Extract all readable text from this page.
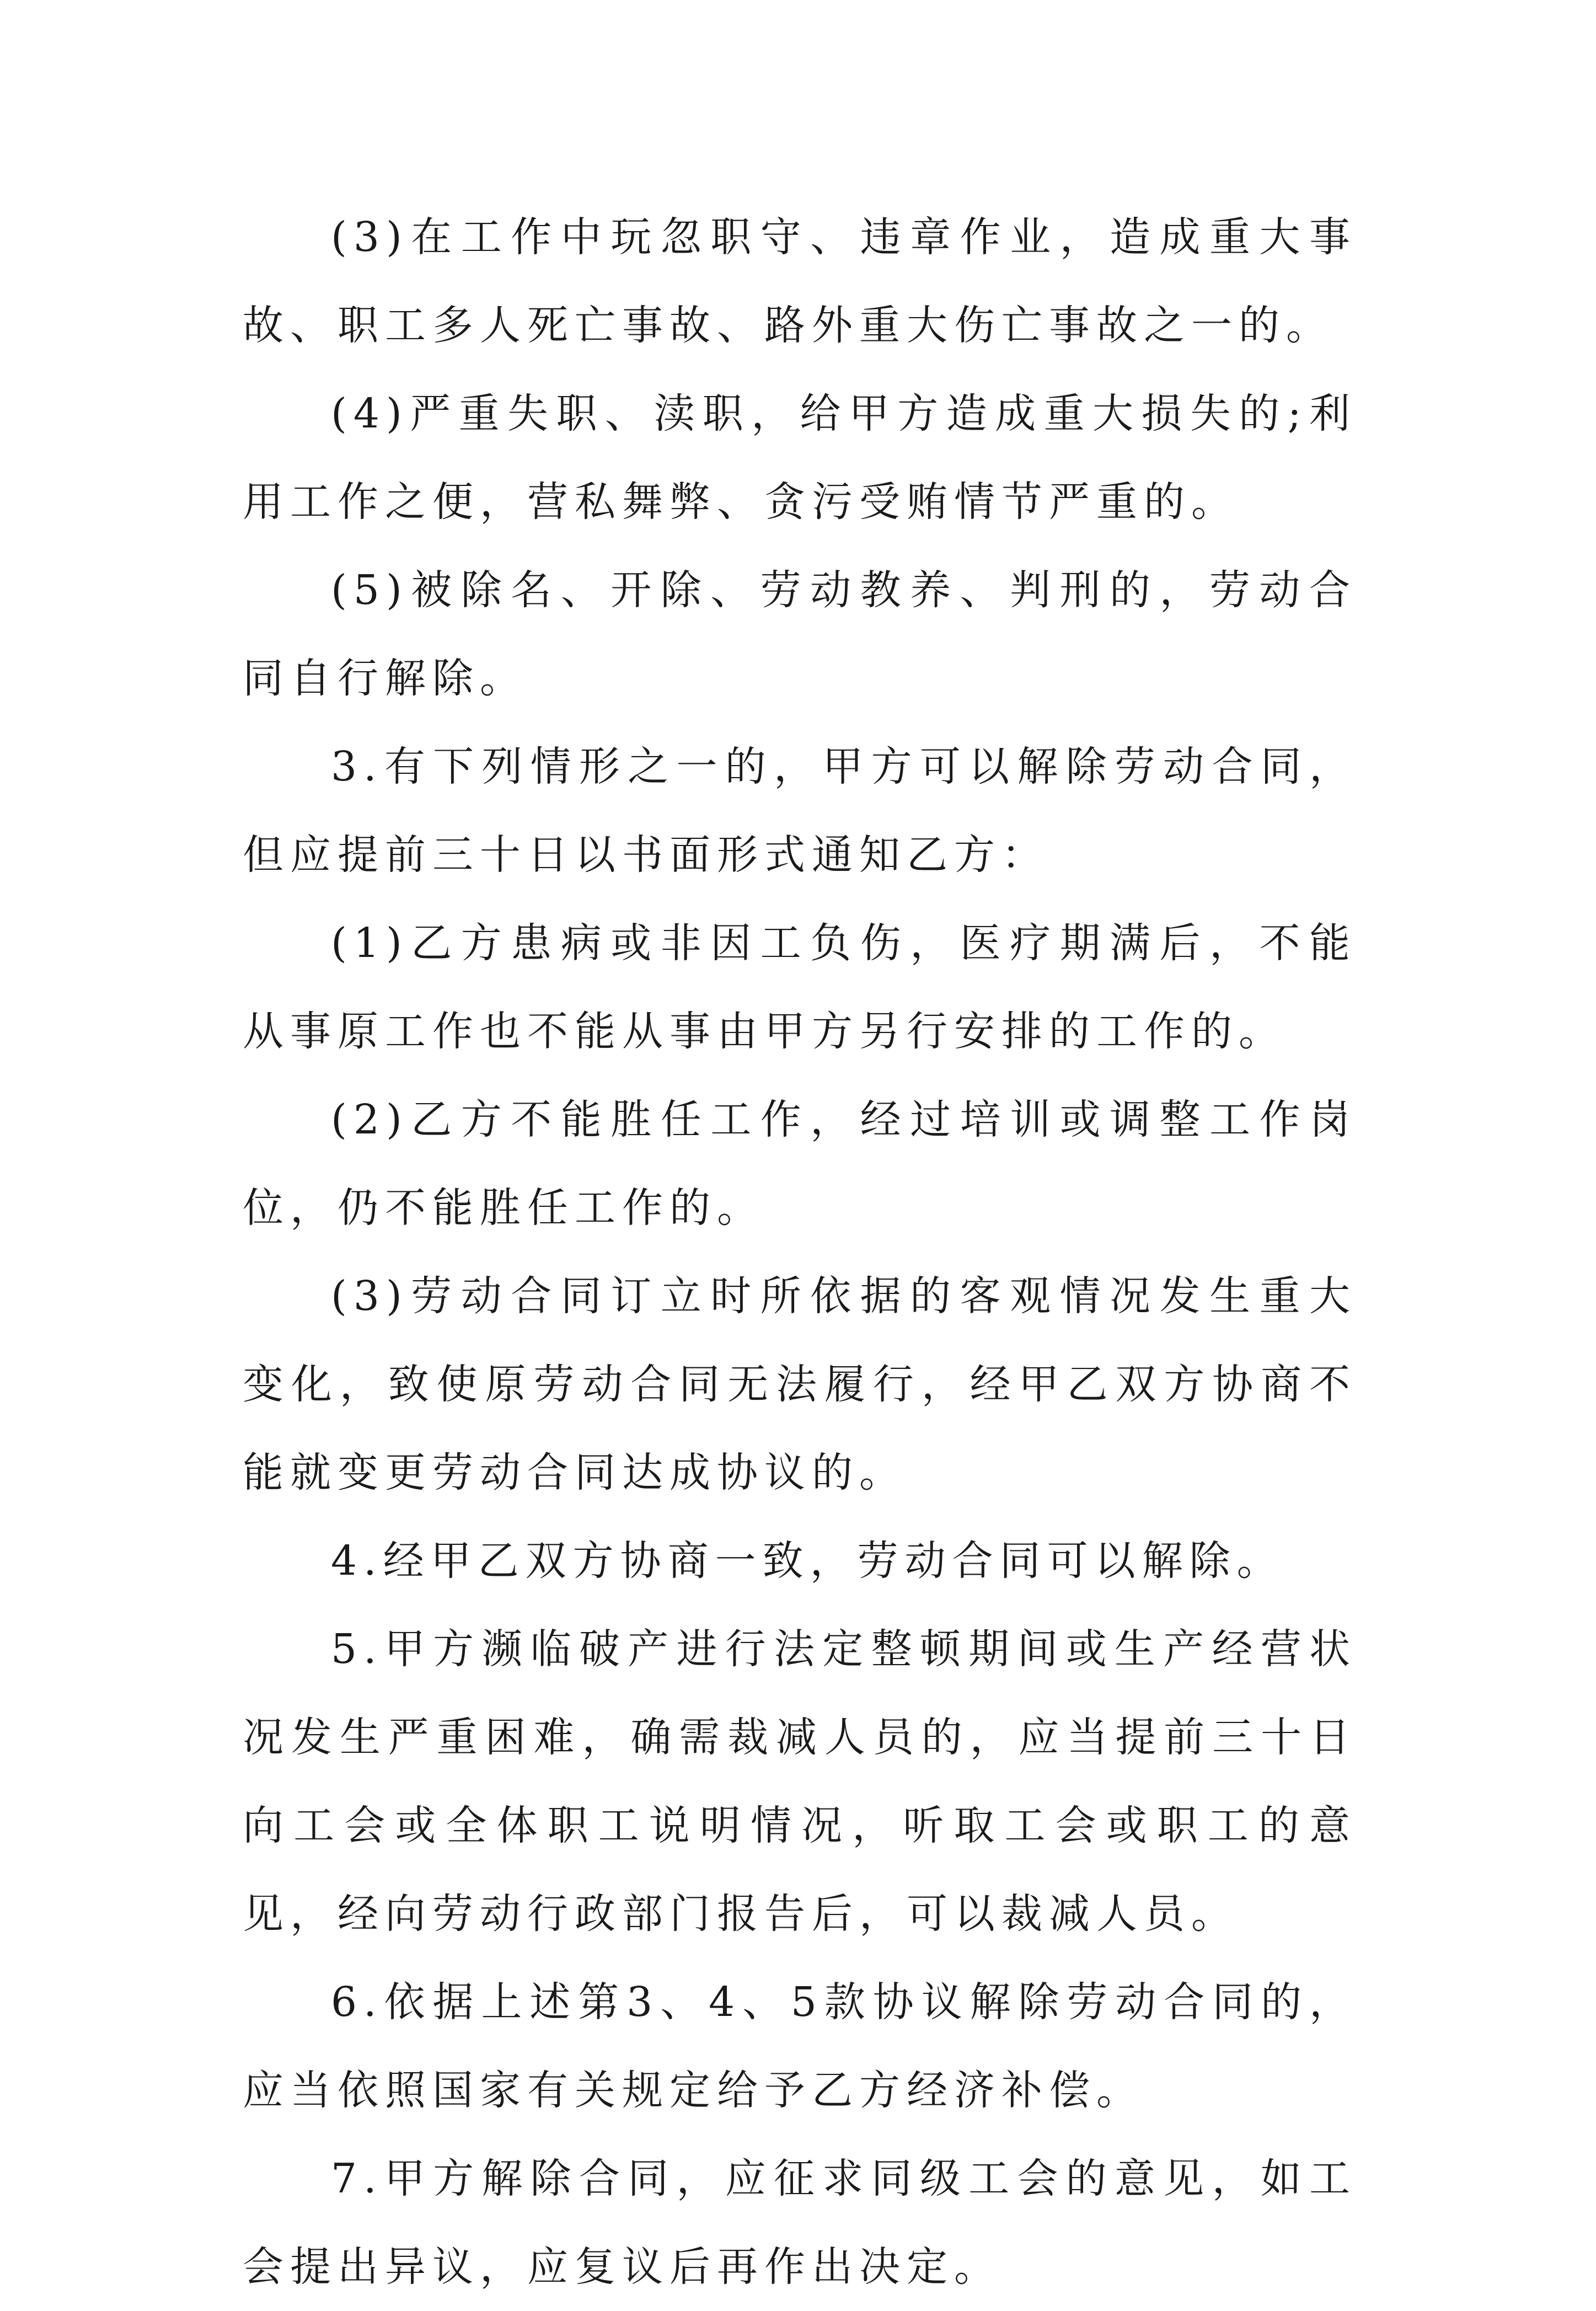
(3)在工作中玩忽职守、违章作业，造成重大事故、职工多人死亡事故、路外重大伤亡事故之一的。

(4)严重失职、渎职，给甲方造成重大损失的;利用工作之便，营私舞弊、贪污受贿情节严重的。

(5)被除名、开除、劳动教养、判刑的，劳动合同自行解除。

3.有下列情形之一的，甲方可以解除劳动合同，但应提前三十日以书面形式通知乙方：

(1)乙方患病或非因工负伤，医疗期满后，不能从事原工作也不能从事由甲方另行安排的工作的。

(2)乙方不能胜任工作，经过培训或调整工作岗位，仍不能胜任工作的。

(3)劳动合同订立时所依据的客观情况发生重大变化，致使原劳动合同无法履行，经甲乙双方协商不能就变更劳动合同达成协议的。

4.经甲乙双方协商一致，劳动合同可以解除。

5.甲方濒临破产进行法定整顿期间或生产经营状况发生严重困难，确需裁减人员的，应当提前三十日向工会或全体职工说明情况，听取工会或职工的意见，经向劳动行政部门报告后，可以裁减人员。

6.依据上述第3、4、5款协议解除劳动合同的，应当依照国家有关规定给予乙方经济补偿。

7.甲方解除合同，应征求同级工会的意见，如工会提出异议，应复议后再作出决定。
